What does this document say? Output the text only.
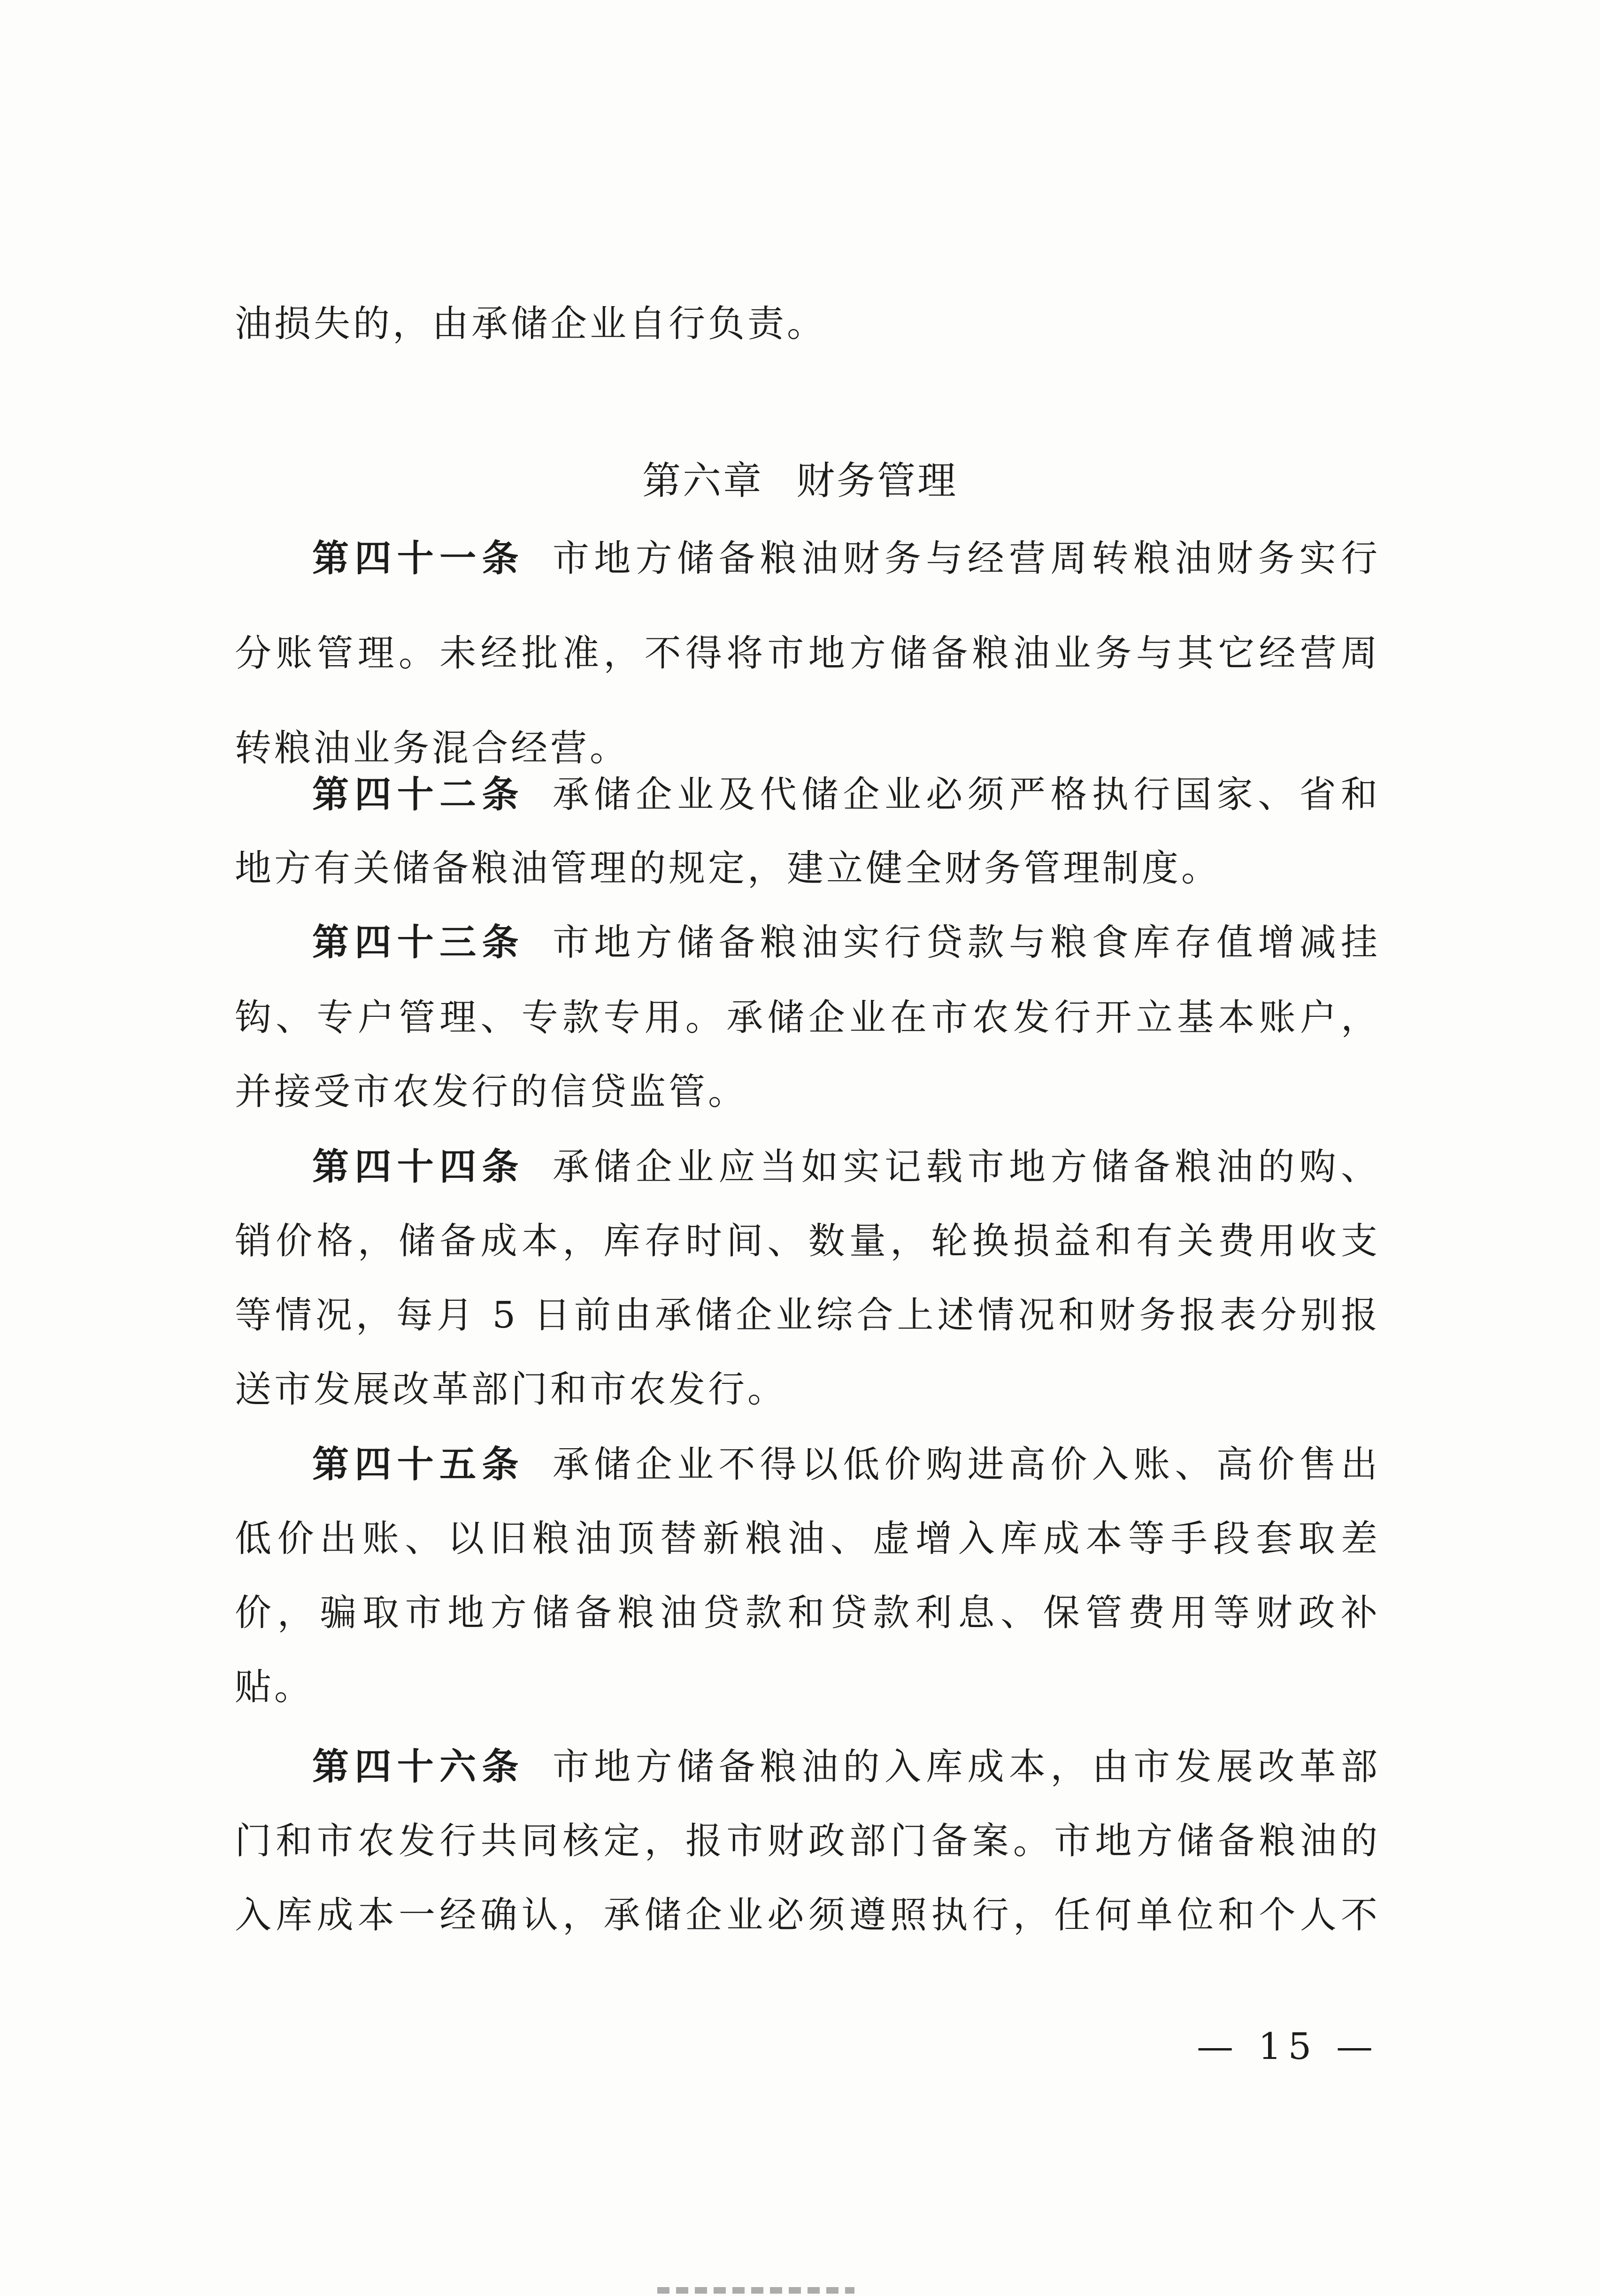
油损失的，由承储企业自行负责。
第六章 财务管理
第四十一条 市地方储备粮油财务与经营周转粮油财务实行
分账管理。未经批准，不得将市地方储备粮油业务与其它经营周
转粮油业务混合经营。
第四十二条 承储企业及代储企业必须严格执行国家、省和
地方有关储备粮油管理的规定，建立健全财务管理制度。
第四十三条 市地方储备粮油实行贷款与粮食库存值增减挂
钩、专户管理、专款专用。承储企业在市农发行开立基本账户，
并接受市农发行的信贷监管。
第四十四条 承储企业应当如实记载市地方储备粮油的购、
销价格，储备成本，库存时间、数量，轮换损益和有关费用收支
等情况，每月 5 日前由承储企业综合上述情况和财务报表分别报
送市发展改革部门和市农发行。
第四十五条 承储企业不得以低价购进高价入账、高价售出
低价出账、以旧粮油顶替新粮油、虚增入库成本等手段套取差
价，骗取市地方储备粮油贷款和贷款利息、保管费用等财政补
贴。
第四十六条 市地方储备粮油的入库成本，由市发展改革部
门和市农发行共同核定，报市财政部门备案。市地方储备粮油的
入库成本一经确认，承储企业必须遵照执行，任何单位和个人不
— 15 —
